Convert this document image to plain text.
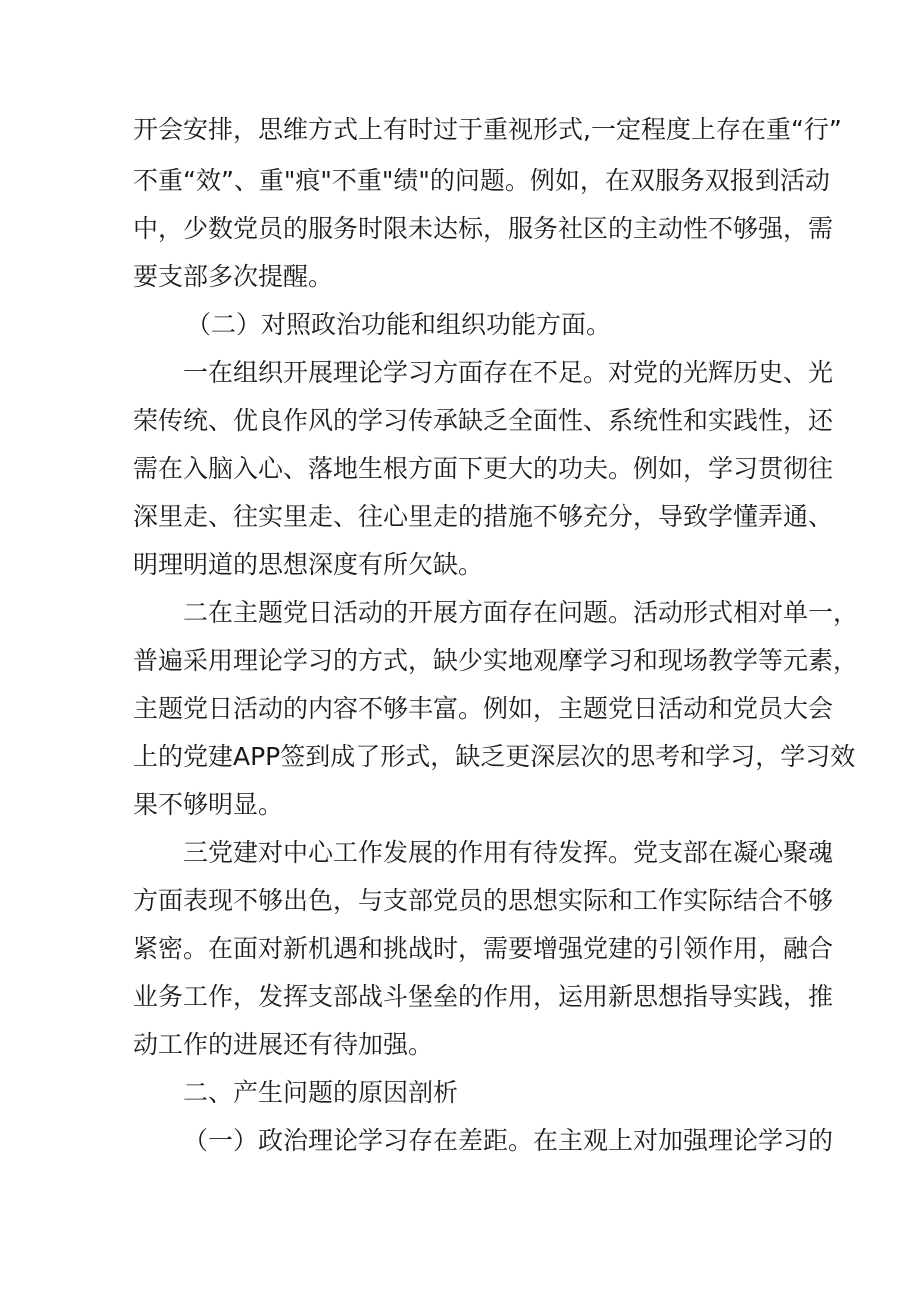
开会安排，思维方式上有时过于重视形式,一定程度上存在重“行”

不重“效”、重"痕"不重"绩"的问题。例如，在双服务双报到活动

中，少数党员的服务时限未达标，服务社区的主动性不够强，需

要支部多次提醒。

（二）对照政治功能和组织功能方面。

一在组织开展理论学习方面存在不足。对党的光辉历史、光

荣传统、优良作风的学习传承缺乏全面性、系统性和实践性，还

需在入脑入心、落地生根方面下更大的功夫。例如，学习贯彻往

深里走、往实里走、往心里走的措施不够充分，导致学懂弄通、

明理明道的思想深度有所欠缺。

二在主题党日活动的开展方面存在问题。活动形式相对单一，

普遍采用理论学习的方式，缺少实地观摩学习和现场教学等元素，

主题党日活动的内容不够丰富。例如，主题党日活动和党员大会

上的党建APP签到成了形式，缺乏更深层次的思考和学习，学习效

果不够明显。

三党建对中心工作发展的作用有待发挥。党支部在凝心聚魂

方面表现不够出色，与支部党员的思想实际和工作实际结合不够

紧密。在面对新机遇和挑战时，需要增强党建的引领作用，融合

业务工作，发挥支部战斗堡垒的作用，运用新思想指导实践，推

动工作的进展还有待加强。

二、产生问题的原因剖析

（一）政治理论学习存在差距。在主观上对加强理论学习的
